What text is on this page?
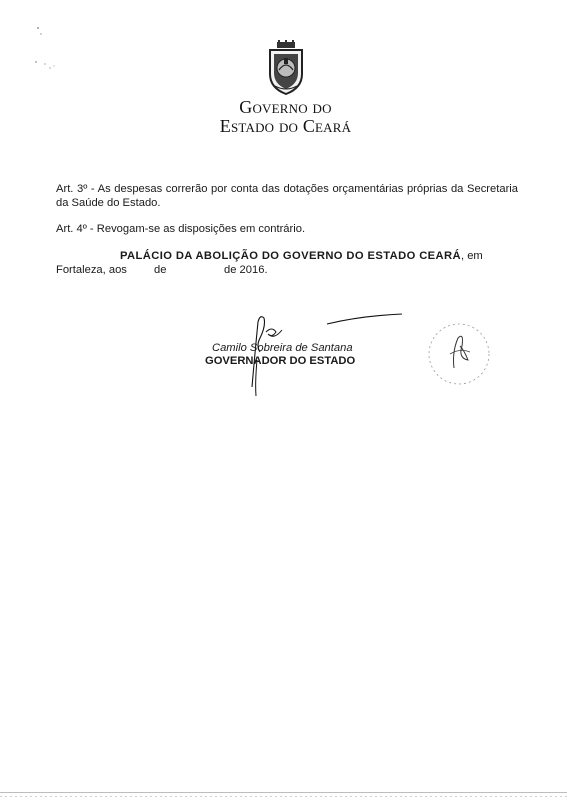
Governo do
Estado do Ceará
Art. 3º - As despesas correrão por conta das dotações orçamentárias próprias da Secretaria da Saúde do Estado.
Art. 4º - Revogam-se as disposições em contrário.
PALÁCIO DA ABOLIÇÃO DO GOVERNO DO ESTADO CEARÁ, em
Fortaleza, aos de	de 2016.
Camilo Sobreira de Santana
GOVERNADOR DO ESTADO
